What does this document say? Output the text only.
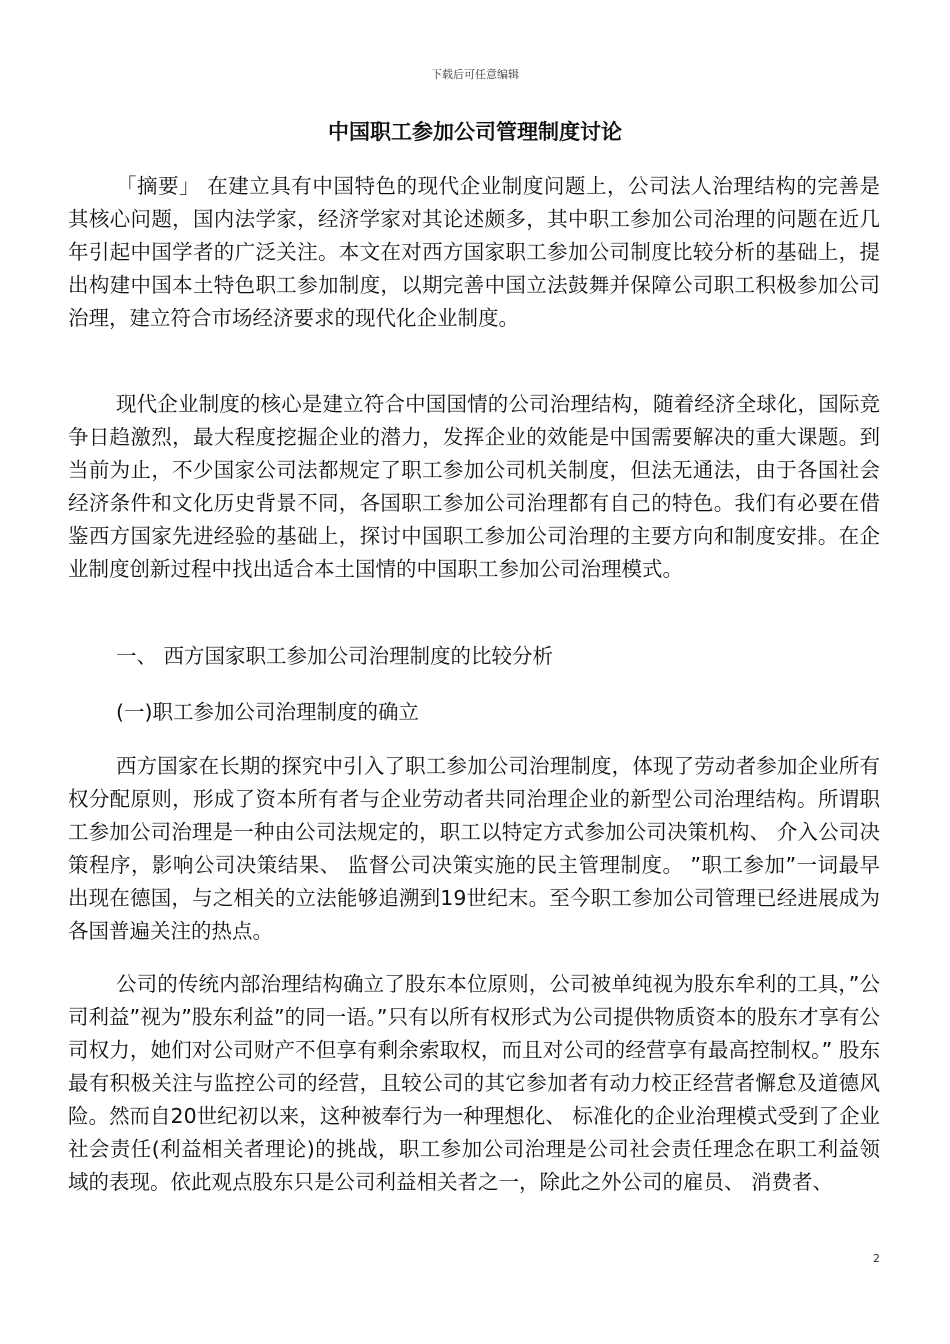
下载后可任意编辑
中国职工参加公司管理制度讨论

「摘要」 在建立具有中国特色的现代企业制度问题上，公司法人治理结构的完善是其核心问题，国内法学家，经济学家对其论述颇多，其中职工参加公司治理的问题在近几年引起中国学者的广泛关注。本文在对西方国家职工参加公司制度比较分析的基础上，提出构建中国本土特色职工参加制度，以期完善中国立法鼓舞并保障公司职工积极参加公司治理，建立符合市场经济要求的现代化企业制度。

现代企业制度的核心是建立符合中国国情的公司治理结构，随着经济全球化，国际竞争日趋激烈，最大程度挖掘企业的潜力，发挥企业的效能是中国需要解决的重大课题。到当前为止，不少国家公司法都规定了职工参加公司机关制度，但法无通法，由于各国社会经济条件和文化历史背景不同，各国职工参加公司治理都有自己的特色。我们有必要在借鉴西方国家先进经验的基础上，探讨中国职工参加公司治理的主要方向和制度安排。在企业制度创新过程中找出适合本土国情的中国职工参加公司治理模式。

一、 西方国家职工参加公司治理制度的比较分析

(一)职工参加公司治理制度的确立

西方国家在长期的探究中引入了职工参加公司治理制度，体现了劳动者参加企业所有权分配原则，形成了资本所有者与企业劳动者共同治理企业的新型公司治理结构。所谓职工参加公司治理是一种由公司法规定的，职工以特定方式参加公司决策机构、 介入公司决策程序，影响公司决策结果、 监督公司决策实施的民主管理制度。 ”职工参加”一词最早出现在德国，与之相关的立法能够追溯到19世纪末。至今职工参加公司管理已经进展成为各国普遍关注的热点。

公司的传统内部治理结构确立了股东本位原则，公司被单纯视为股东牟利的工具，”公司利益”视为”股东利益”的同一语。”只有以所有权形式为公司提供物质资本的股东才享有公司权力，她们对公司财产不但享有剩余索取权，而且对公司的经营享有最高控制权。” 股东最有积极关注与监控公司的经营，且较公司的其它参加者有动力校正经营者懈怠及道德风险。然而自20世纪初以来，这种被奉行为一种理想化、 标准化的企业治理模式受到了企业社会责任(利益相关者理论)的挑战，职工参加公司治理是公司社会责任理念在职工利益领域的表现。依此观点股东只是公司利益相关者之一，除此之外公司的雇员、 消费者、

2
